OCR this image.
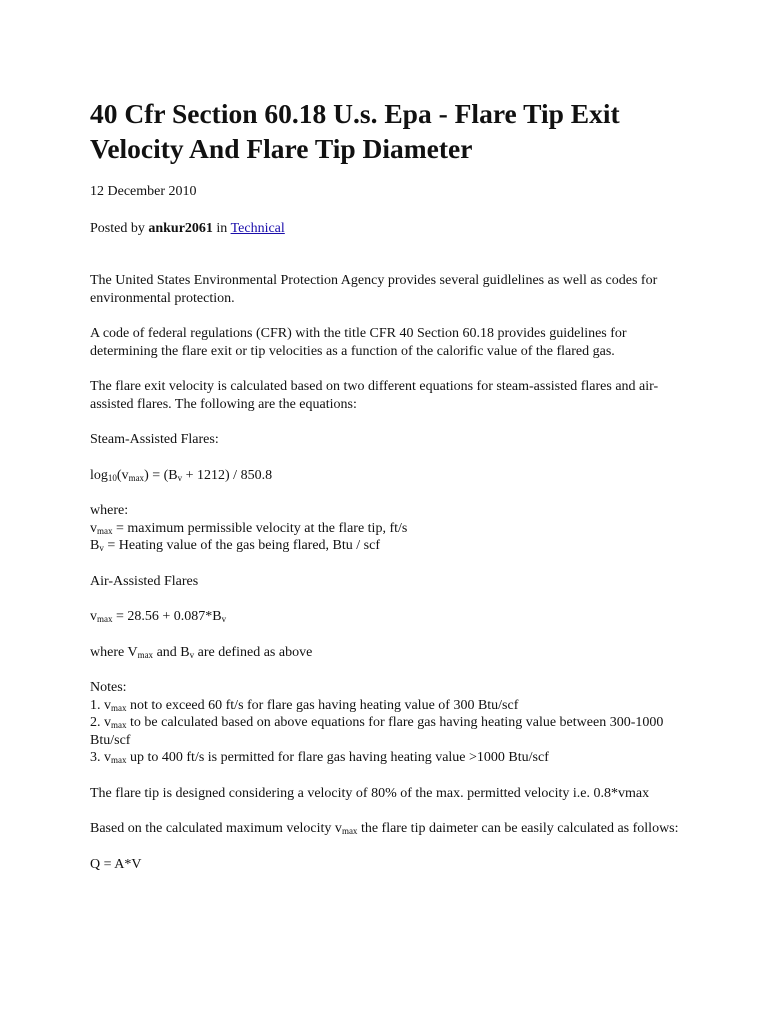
40 Cfr Section 60.18 U.s. Epa - Flare Tip Exit Velocity And Flare Tip Diameter

12 December 2010

Posted by ankur2061 in Technical

The United States Environmental Protection Agency provides several guidlelines as well as codes for environmental protection.

A code of federal regulations (CFR) with the title CFR 40 Section 60.18 provides guidelines for determining the flare exit or tip velocities as a function of the calorific value of the flared gas.

The flare exit velocity is calculated based on two different equations for steam-assisted flares and air-assisted flares. The following are the equations:

Steam-Assisted Flares:

$\log_{10}(v_{max}) = (B_v + 1212) / 850.8$

where:
$v_{max}$ = maximum permissible velocity at the flare tip, ft/s
$B_v$ = Heating value of the gas being flared, Btu / scf

Air-Assisted Flares

$v_{max} = 28.56 + 0.087*B_v$

where $V_{max}$ and $B_v$ are defined as above

Notes:
1. $v_{max}$ not to exceed 60 ft/s for flare gas having heating value of 300 Btu/scf
2. $v_{max}$ to be calculated based on above equations for flare gas having heating value between 300-1000 Btu/scf
3. $v_{max}$ up to 400 ft/s is permitted for flare gas having heating value >1000 Btu/scf

The flare tip is designed considering a velocity of 80% of the max. permitted velocity i.e. 0.8*vmax

Based on the calculated maximum velocity $v_{max}$ the flare tip daimeter can be easily calculated as follows:

Q = A*V
